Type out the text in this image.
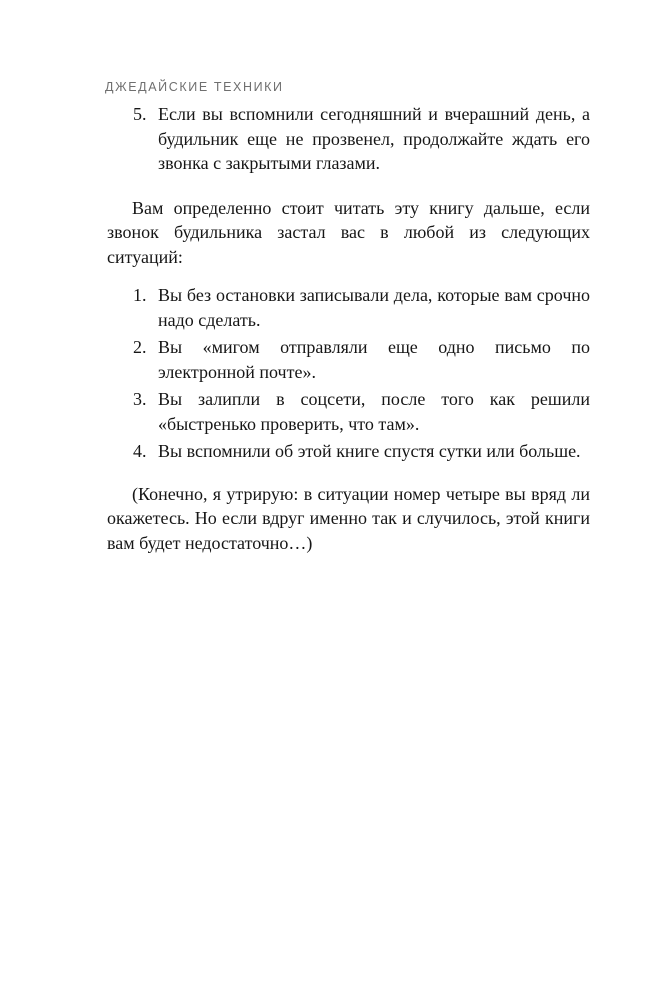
ДЖЕДАЙСКИЕ ТЕХНИКИ
5. Если вы вспомнили сегодняшний и вчерашний день, а будильник еще не прозвенел, продолжайте ждать его звонка с закрытыми глазами.

Вам определенно стоит читать эту книгу дальше, если звонок будильника застал вас в любой из следующих ситуаций:

1. Вы без остановки записывали дела, которые вам срочно надо сделать.
2. Вы «мигом отправляли еще одно письмо по электронной почте».
3. Вы залипли в соцсети, после того как решили «быстренько проверить, что там».
4. Вы вспомнили об этой книге спустя сутки или больше.

(Конечно, я утрирую: в ситуации номер четыре вы вряд ли окажетесь. Но если вдруг именно так и случилось, этой книги вам будет недостаточно…)
